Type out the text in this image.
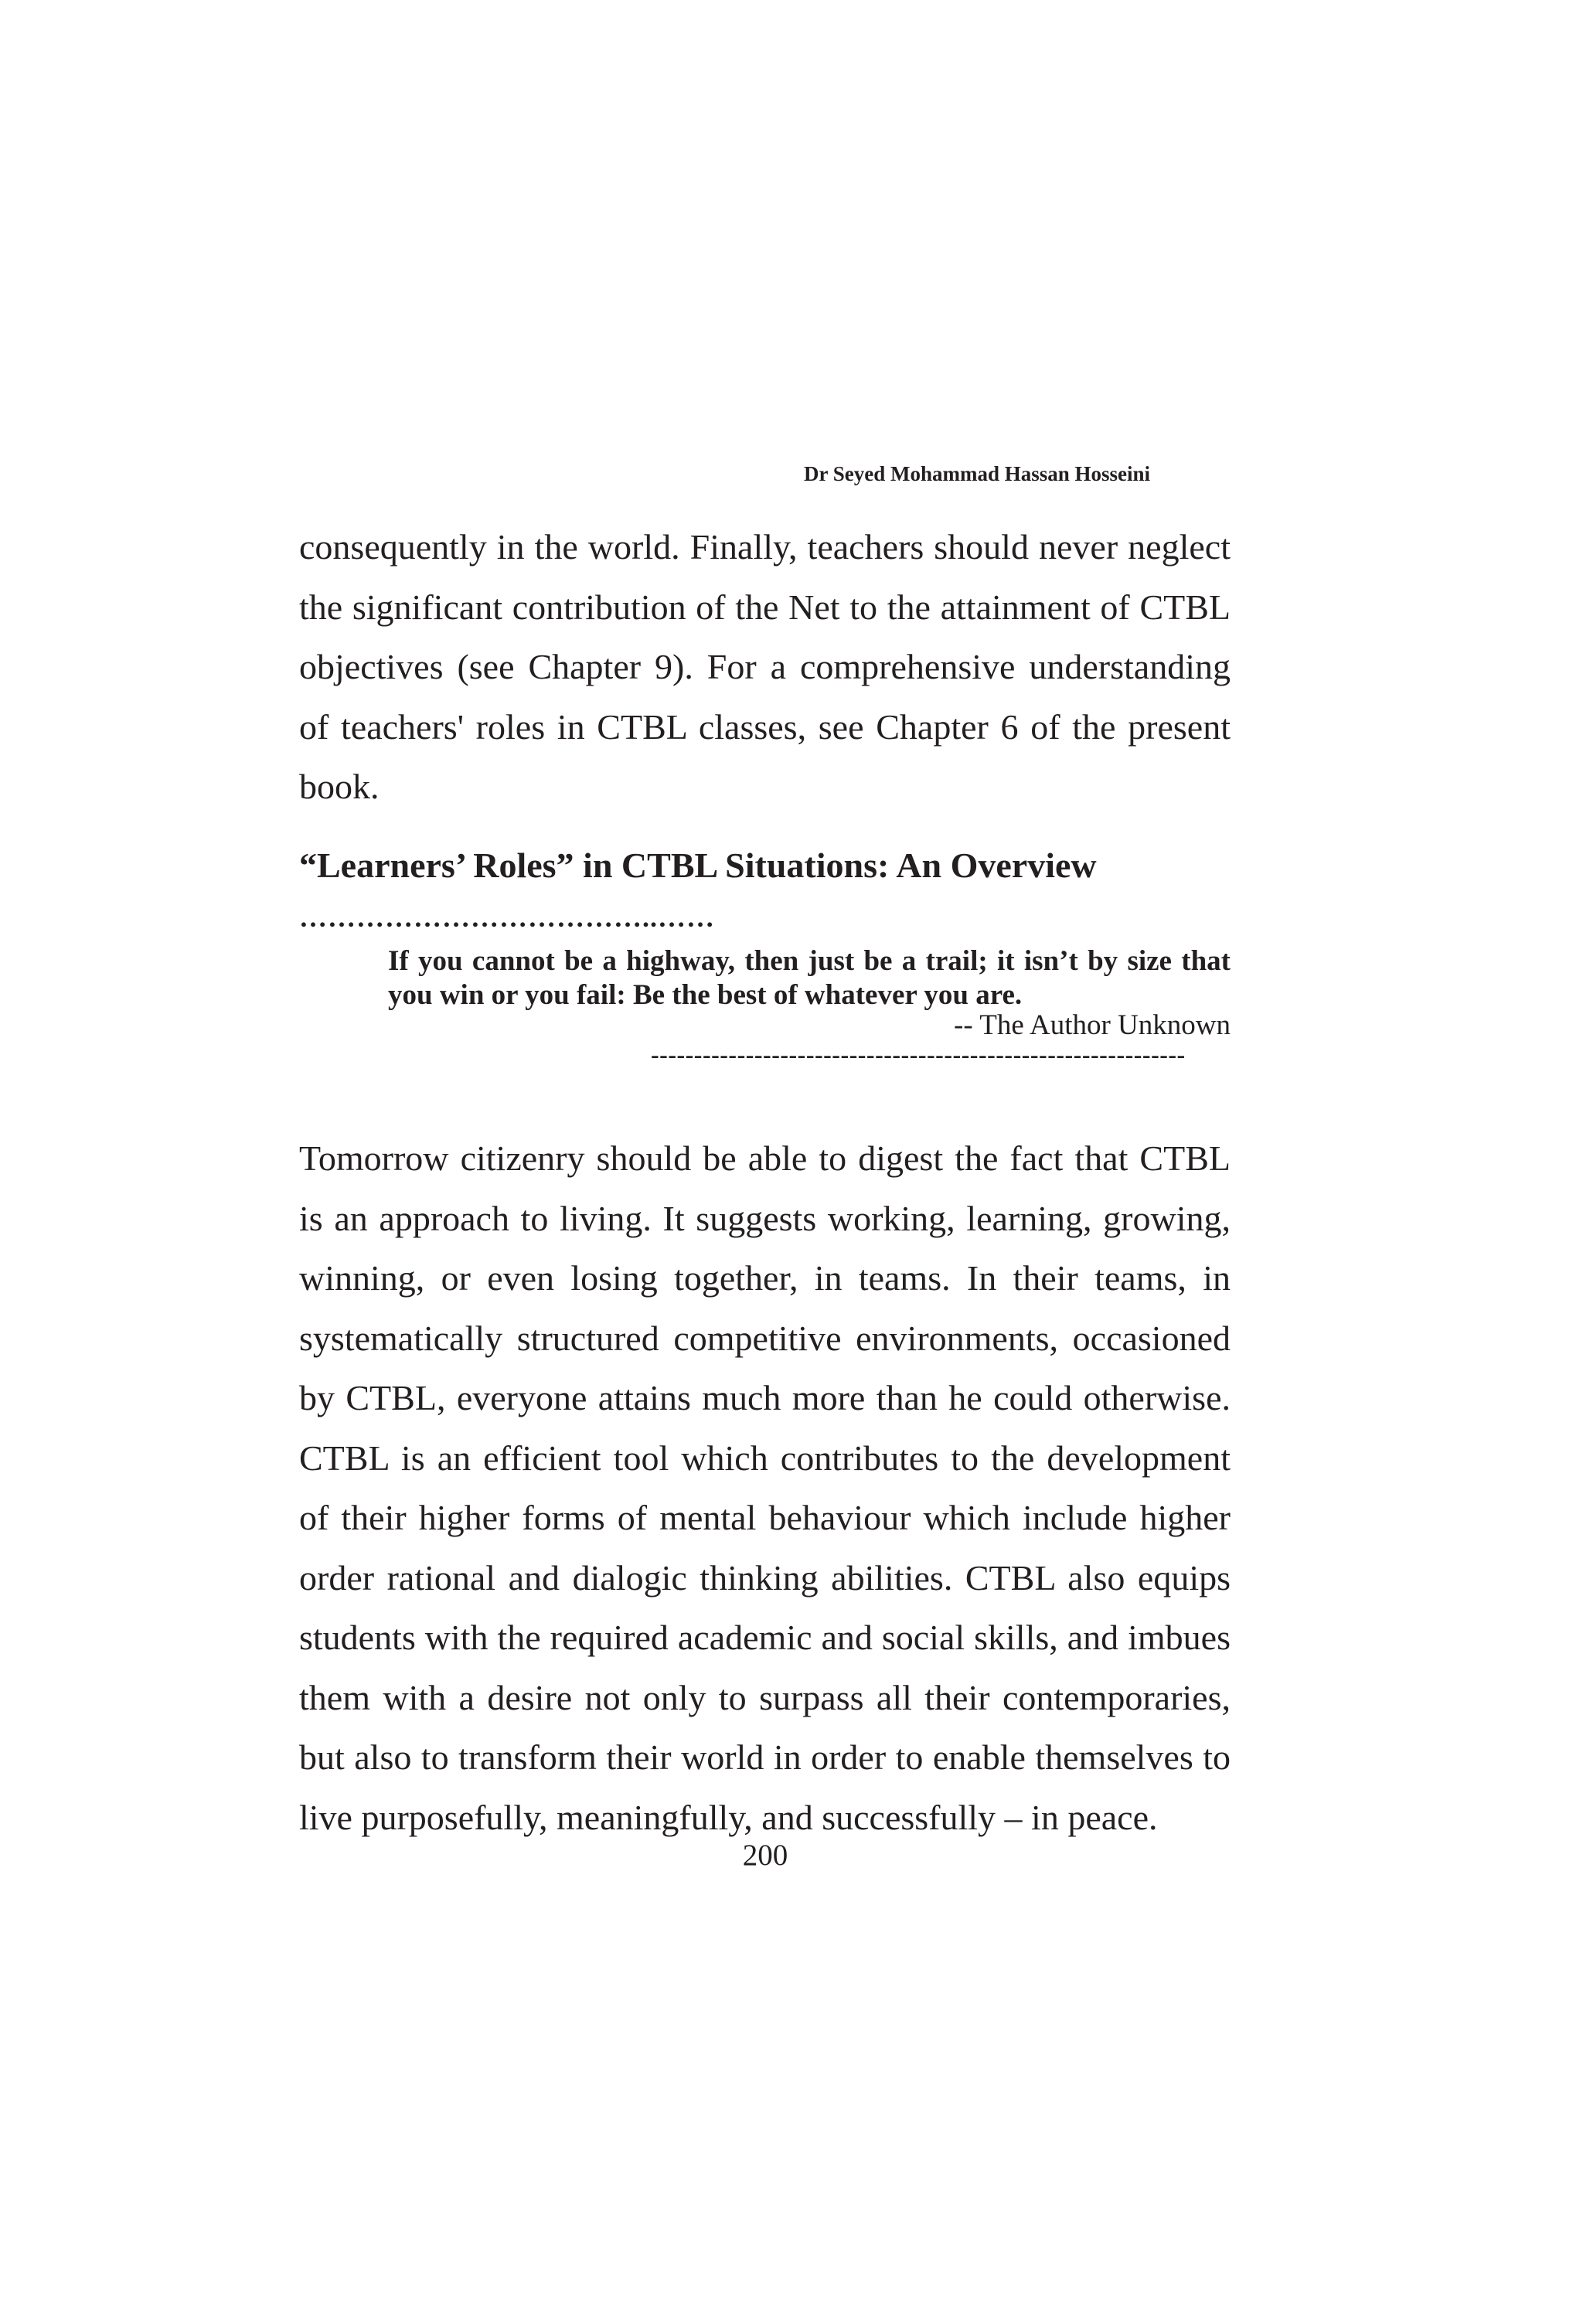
Dr Seyed Mohammad Hassan Hosseini

consequently in the world. Finally, teachers should never neglect the significant contribution of the Net to the attainment of CTBL objectives (see Chapter 9). For a comprehensive understanding of teachers' roles in CTBL classes, see Chapter 6 of the present book.

“Learners’ Roles” in CTBL Situations: An Overview
………………………………..……

If you cannot be a highway, then just be a trail; it isn’t by size that you win or you fail: Be the best of whatever you are.

-- The Author Unknown
--------------------------------------------------------------

Tomorrow citizenry should be able to digest the fact that CTBL is an approach to living. It suggests working, learning, growing, winning, or even losing together, in teams. In their teams, in systematically structured competitive environments, occasioned by CTBL, everyone attains much more than he could otherwise. CTBL is an efficient tool which contributes to the development of their higher forms of mental behaviour which include higher order rational and dialogic thinking abilities. CTBL also equips students with the required academic and social skills, and imbues them with a desire not only to surpass all their contemporaries, but also to transform their world in order to enable themselves to live purposefully, meaningfully, and successfully – in peace.

200
